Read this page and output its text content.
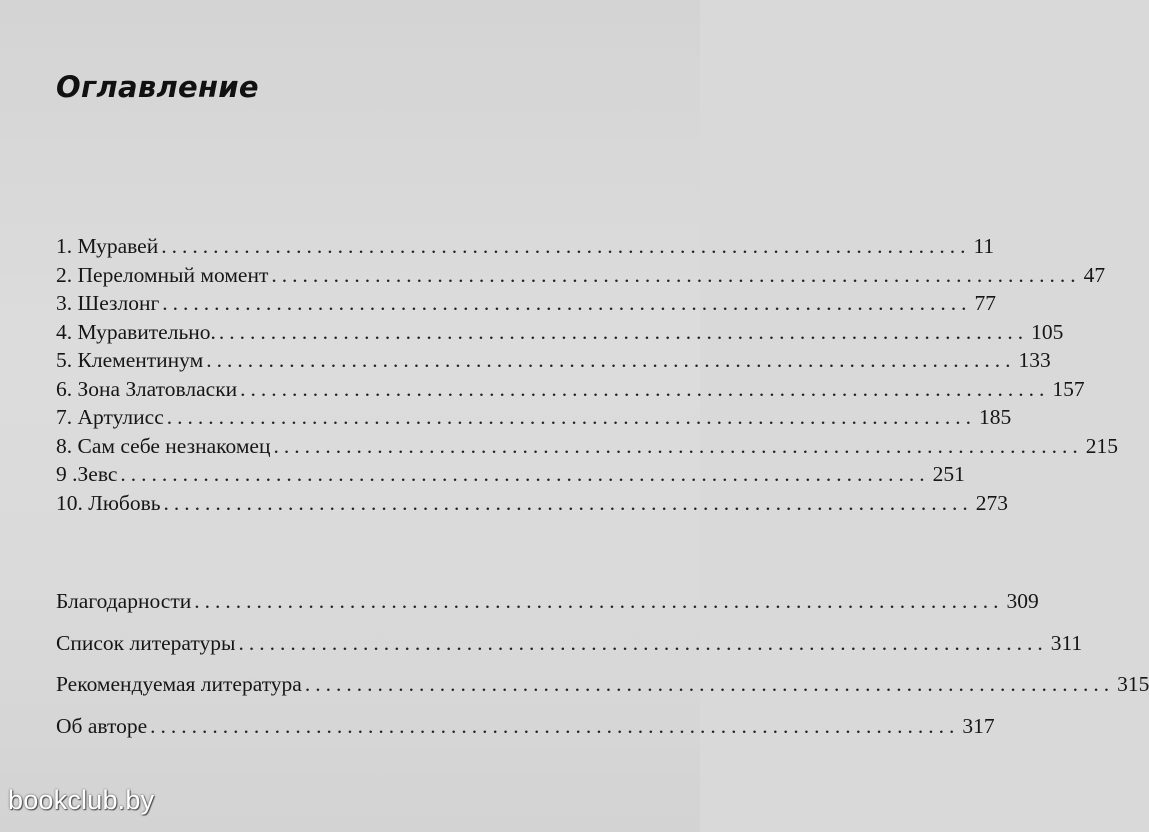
Оглавление
1. Муравей .............................................................................. 11
2. Переломный момент .............................................................................. 47
3. Шезлонг .............................................................................. 77
4. Муравительно. .............................................................................. 105
5. Клементинум .............................................................................. 133
6. Зона Златовласки .............................................................................. 157
7. Артулисс .............................................................................. 185
8. Сам себе незнакомец .............................................................................. 215
9 .Зевс .............................................................................. 251
10. Любовь .............................................................................. 273
Благодарности .............................................................................. 309
Список литературы .............................................................................. 311
Рекомендуемая литература .............................................................................. 315
Об авторе .............................................................................. 317
bookclub.by
